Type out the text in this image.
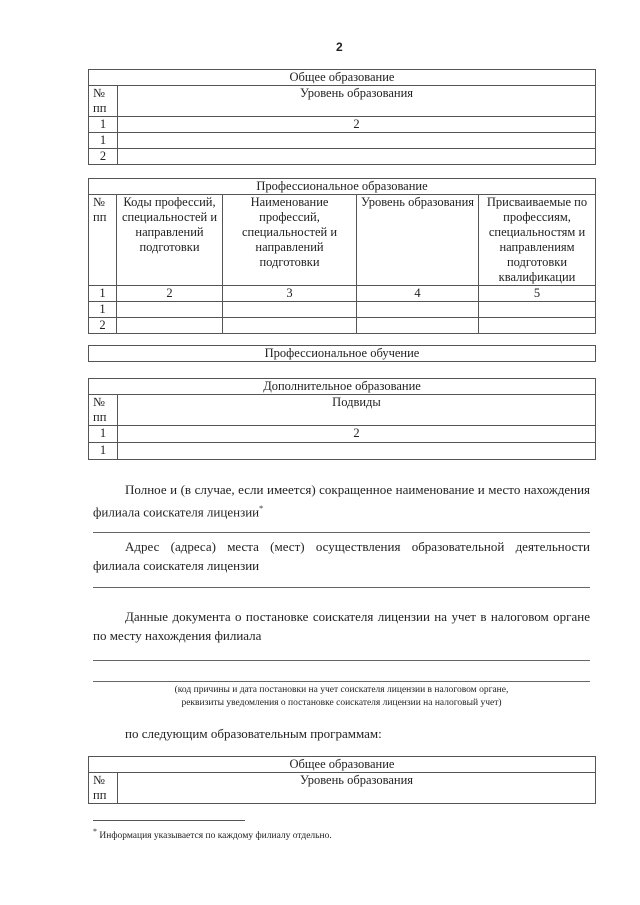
2
Общее образование	
№ пп	Уровень образования
1	2
1	
2	
Профессиональное образование				
№ пп	Коды профессий, специальностей и направлений подготовки	Наименование профессий, специальностей и направлений подготовки	Уровень образования	Присваиваемые по профессиям, специальностям и направлениям подготовки квалификации
1	2	3	4	5
1				
2				
Профессиональное обучение
Дополнительное образование	
№ пп	Подвиды
1	2
1	
Полное и (в случае, если имеется) сокращенное наименование и место нахождения филиала соискателя лицензии*
Адрес (адреса) места (мест) осуществления образовательной деятельности филиала соискателя лицензии
Данные документа о постановке соискателя лицензии на учет в налоговом органе по месту нахождения филиала
(код причины и дата постановки на учет соискателя лицензии в налоговом органе,
реквизиты уведомления о постановке соискателя лицензии на налоговый учет)
по следующим образовательным программам:
Общее образование
№ пп	Уровень образования
* Информация указывается по каждому филиалу отдельно.
